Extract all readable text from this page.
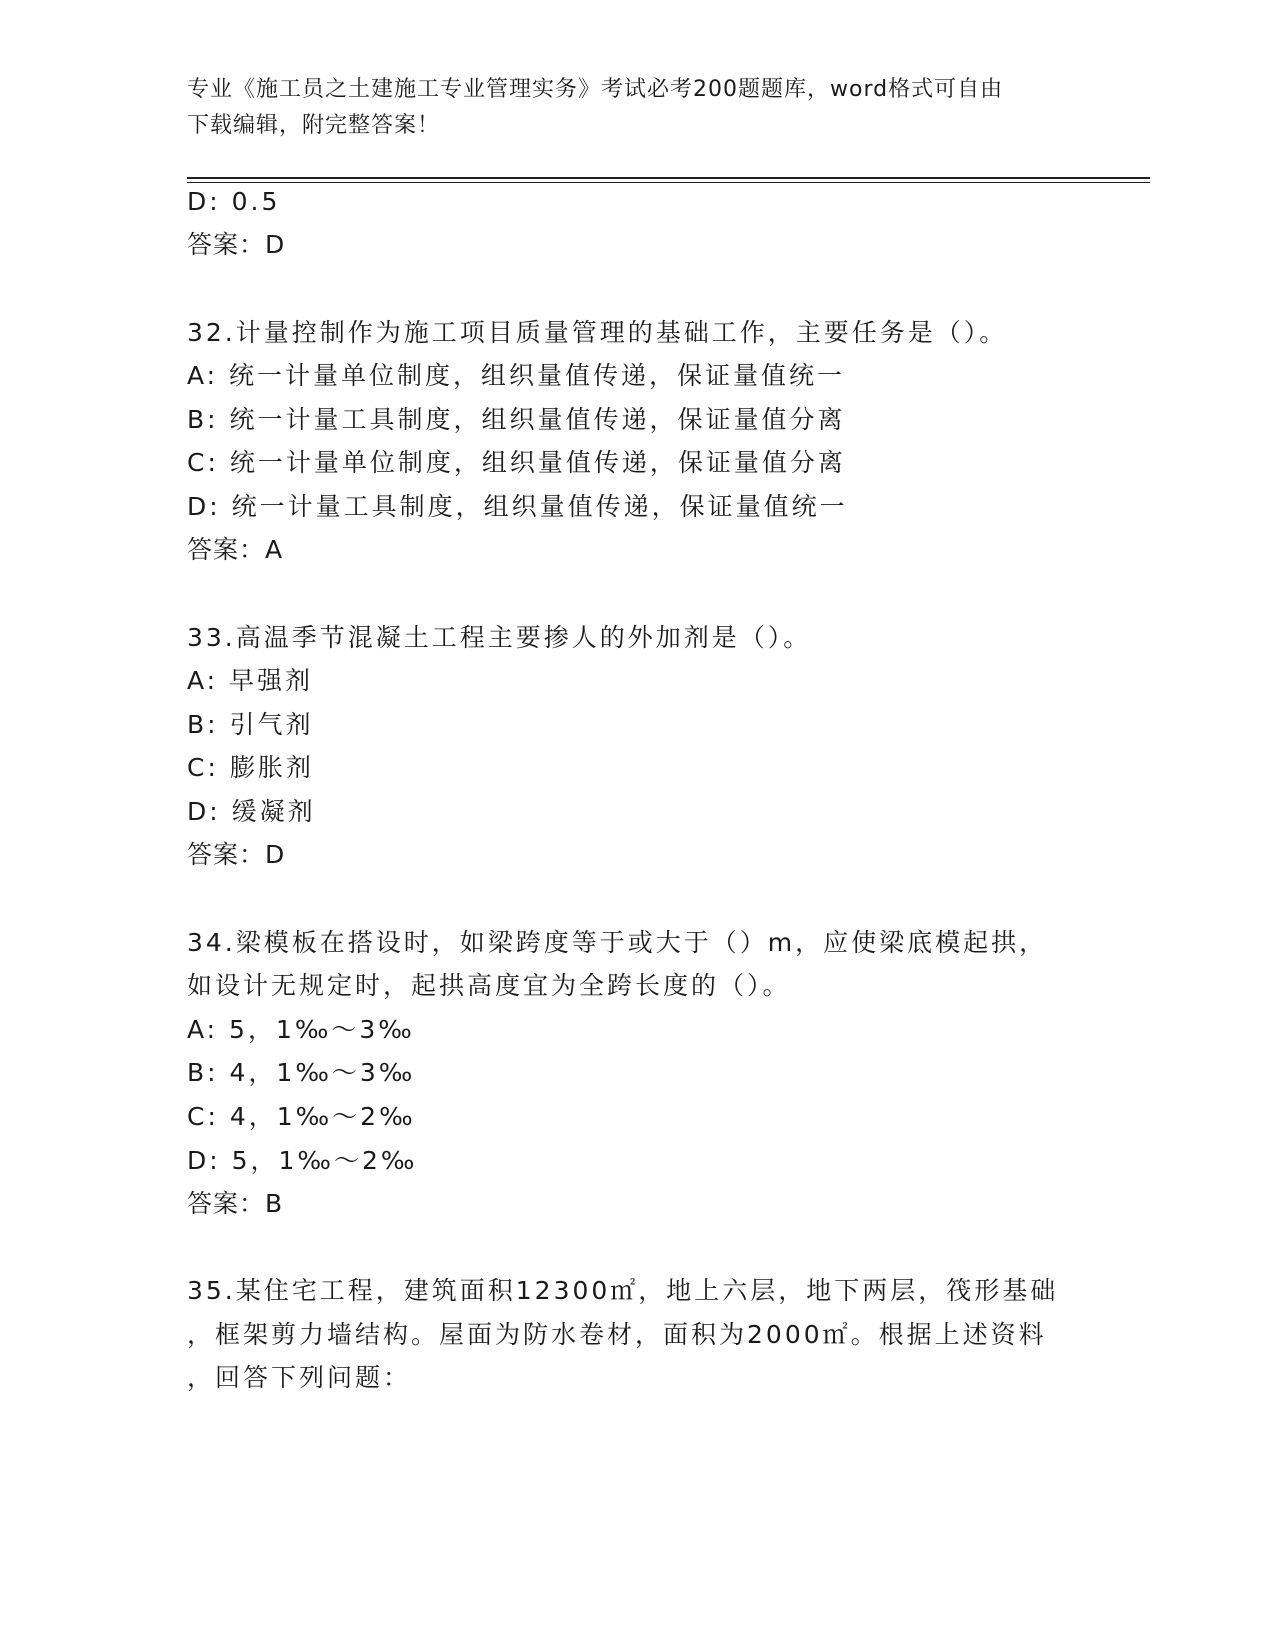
专业《施工员之土建施工专业管理实务》考试必考200题题库，word格式可自由
下载编辑，附完整答案！
D: 0.5
答案：D
32.计量控制作为施工项目质量管理的基础工作，主要任务是（）。
A: 统一计量单位制度，组织量值传递，保证量值统一
B: 统一计量工具制度，组织量值传递，保证量值分离
C: 统一计量单位制度，组织量值传递，保证量值分离
D: 统一计量工具制度，组织量值传递，保证量值统一
答案：A
33.高温季节混凝土工程主要掺人的外加剂是（）。
A: 早强剂
B: 引气剂
C: 膨胀剂
D: 缓凝剂
答案：D
34.梁模板在搭设时，如梁跨度等于或大于（）m，应使梁底模起拱，
如设计无规定时，起拱高度宜为全跨长度的（）。
A: 5，1‰～3‰
B: 4，1‰～3‰
C: 4，1‰～2‰
D: 5，1‰～2‰
答案：B
35.某住宅工程，建筑面积12300㎡，地上六层，地下两层，筏形基础
，框架剪力墙结构。屋面为防水卷材，面积为2000㎡。根据上述资料
，回答下列问题：
